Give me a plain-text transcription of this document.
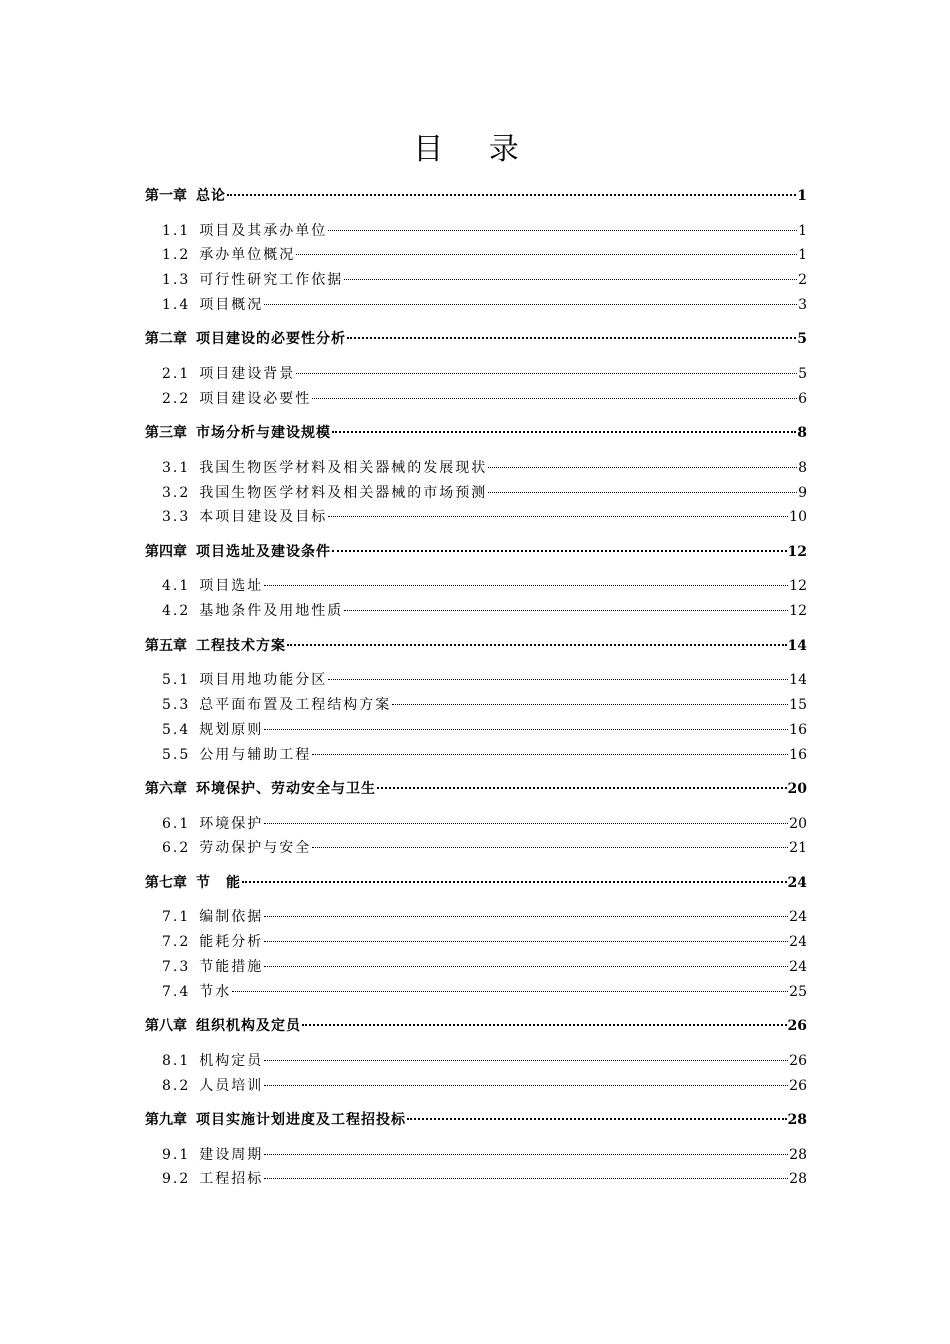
目 录
第一章 总论	1
1.1 项目及其承办单位	1
1.2 承办单位概况	1
1.3 可行性研究工作依据	2
1.4 项目概况	3
第二章 项目建设的必要性分析	5
2.1 项目建设背景	5
2.2 项目建设必要性	6
第三章 市场分析与建设规模	8
3.1 我国生物医学材料及相关器械的发展现状	8
3.2 我国生物医学材料及相关器械的市场预测	9
3.3 本项目建设及目标	10
第四章 项目选址及建设条件	12
4.1 项目选址	12
4.2 基地条件及用地性质	12
第五章 工程技术方案	14
5.1 项目用地功能分区	14
5.3 总平面布置及工程结构方案	15
5.4 规划原则	16
5.5 公用与辅助工程	16
第六章 环境保护、劳动安全与卫生	20
6.1 环境保护	20
6.2 劳动保护与安全	21
第七章 节　能	24
7.1 编制依据	24
7.2 能耗分析	24
7.3 节能措施	24
7.4 节水	25
第八章 组织机构及定员	26
8.1 机构定员	26
8.2 人员培训	26
第九章 项目实施计划进度及工程招投标	28
9.1 建设周期	28
9.2 工程招标	28
